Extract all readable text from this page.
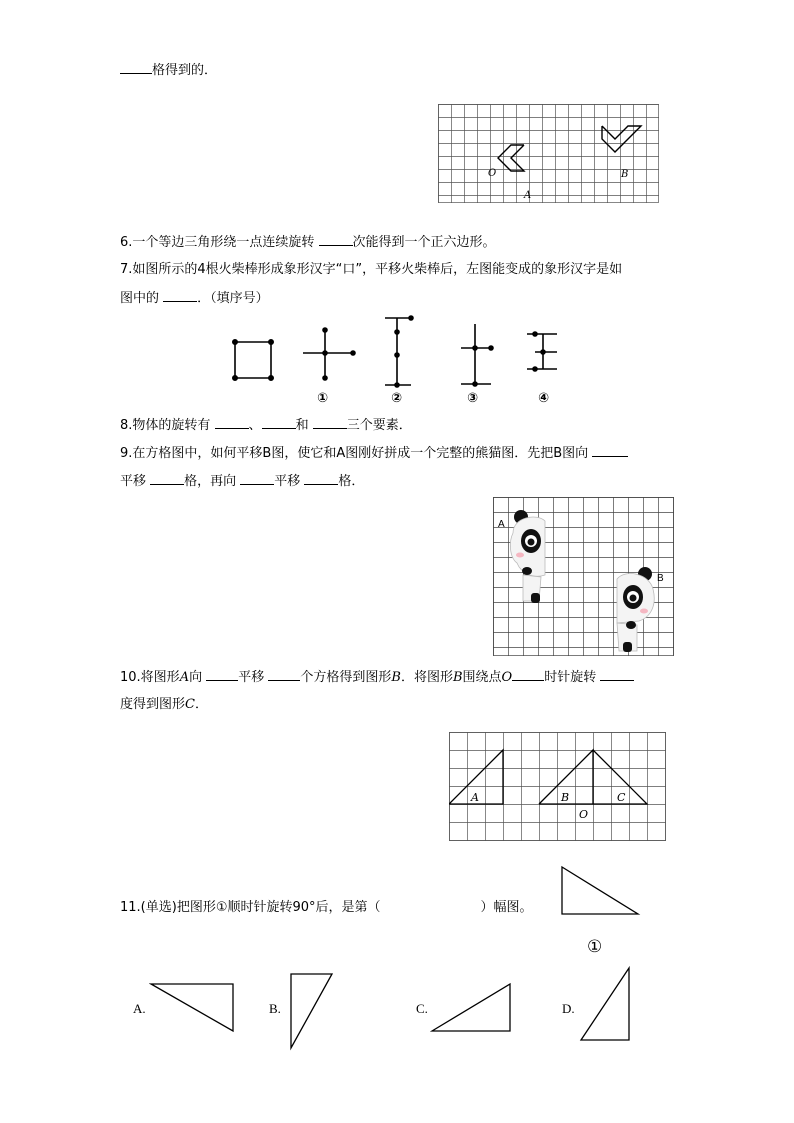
格得到的．
O
A
B
6.一个等边三角形绕一点连续旋转	次能得到一个正六边形。
7.如图所示的4根火柴棒形成象形汉字“口”，平移火柴棒后，左图能变成的象形汉字是如
图中的	．（填序号）
①	②	③	④
8.物体的旋转有	、	和	三个要素．
9.在方格图中，如何平移B图，使它和A图刚好拼成一个完整的熊猫图．先把B图向
平移	格，再向	平移	格．
A
B
10.将图形A向 平移 个方格得到图形B．将图形B围绕点O 时针旋转
度得到图形C．
A	B	C
O
11.(单选)把图形①顺时针旋转90°后，是第（	）幅图。
①
A.	B.	C.	D.
